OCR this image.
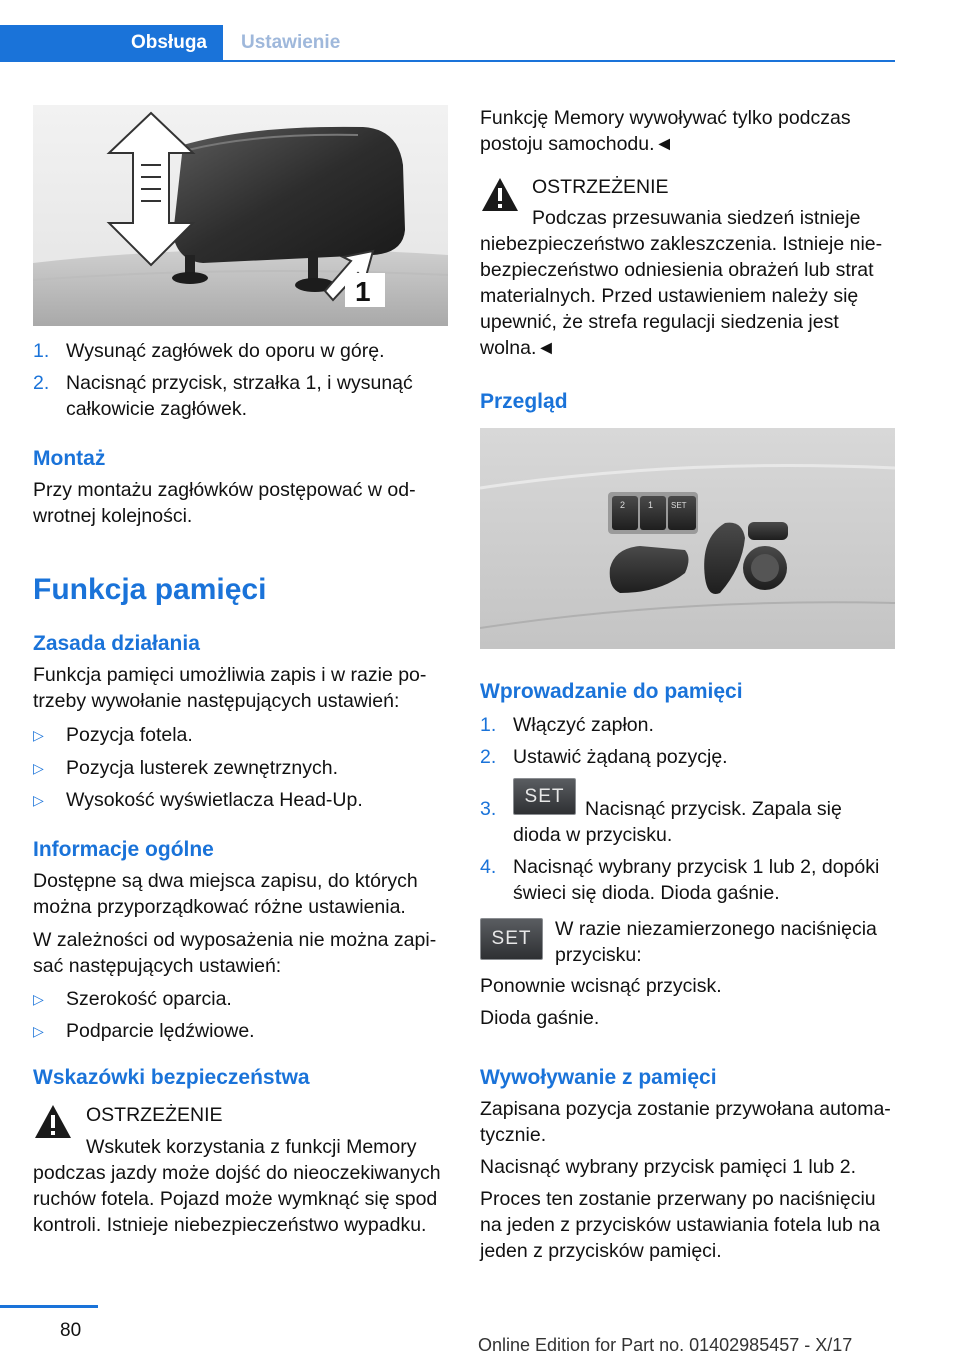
Obsługa	Ustawienie
1
1. Wysunąć zagłówek do oporu w górę.
2. Nacisnąć przycisk, strzałka 1, i wysunąć
całkowicie zagłówek.
Montaż
Przy montażu zagłówków postępować w od-
wrotnej kolejności.
Funkcja pamięci
Zasada działania
Funkcja pamięci umożliwia zapis i w razie po-
trzeby wywołanie następujących ustawień:
▷ Pozycja fotela.
▷ Pozycja lusterek zewnętrznych.
▷ Wysokość wyświetlacza Head-Up.
Informacje ogólne
Dostępne są dwa miejsca zapisu, do których
można przyporządkować różne ustawienia.
W zależności od wyposażenia nie można zapi-
sać następujących ustawień:
▷ Szerokość oparcia.
▷ Podparcie lędźwiowe.
Wskazówki bezpieczeństwa
OSTRZEŻENIE
Wskutek korzystania z funkcji Memory
podczas jazdy może dojść do nieoczekiwanych
ruchów fotela. Pojazd może wymknąć się spod
kontroli. Istnieje niebezpieczeństwo wypadku.
Funkcję Memory wywoływać tylko podczas
postoju samochodu.◄
OSTRZEŻENIE
Podczas przesuwania siedzeń istnieje
niebezpieczeństwo zakleszczenia. Istnieje nie-
bezpieczeństwo odniesienia obrażeń lub strat
materialnych. Przed ustawieniem należy się
upewnić, że strefa regulacji siedzenia jest
wolna.◄
Przegląd
2	1 SET
Wprowadzanie do pamięci
1. Włączyć zapłon.
2. Ustawić żądaną pozycję.
3.
SET
Nacisnąć przycisk. Zapala się
dioda w przycisku.
4. Nacisnąć wybrany przycisk 1 lub 2, dopóki
świeci się dioda. Dioda gaśnie.
SET	W razie niezamierzonego naciśnięcia
przycisku:
Ponownie wcisnąć przycisk.
Dioda gaśnie.
Wywoływanie z pamięci
Zapisana pozycja zostanie przywołana automa-
tycznie.
Nacisnąć wybrany przycisk pamięci 1 lub 2.
Proces ten zostanie przerwany po naciśnięciu
na jeden z przycisków ustawiania fotela lub na
jeden z przycisków pamięci.
80
Online Edition for Part no. 01402985457 - X/17
